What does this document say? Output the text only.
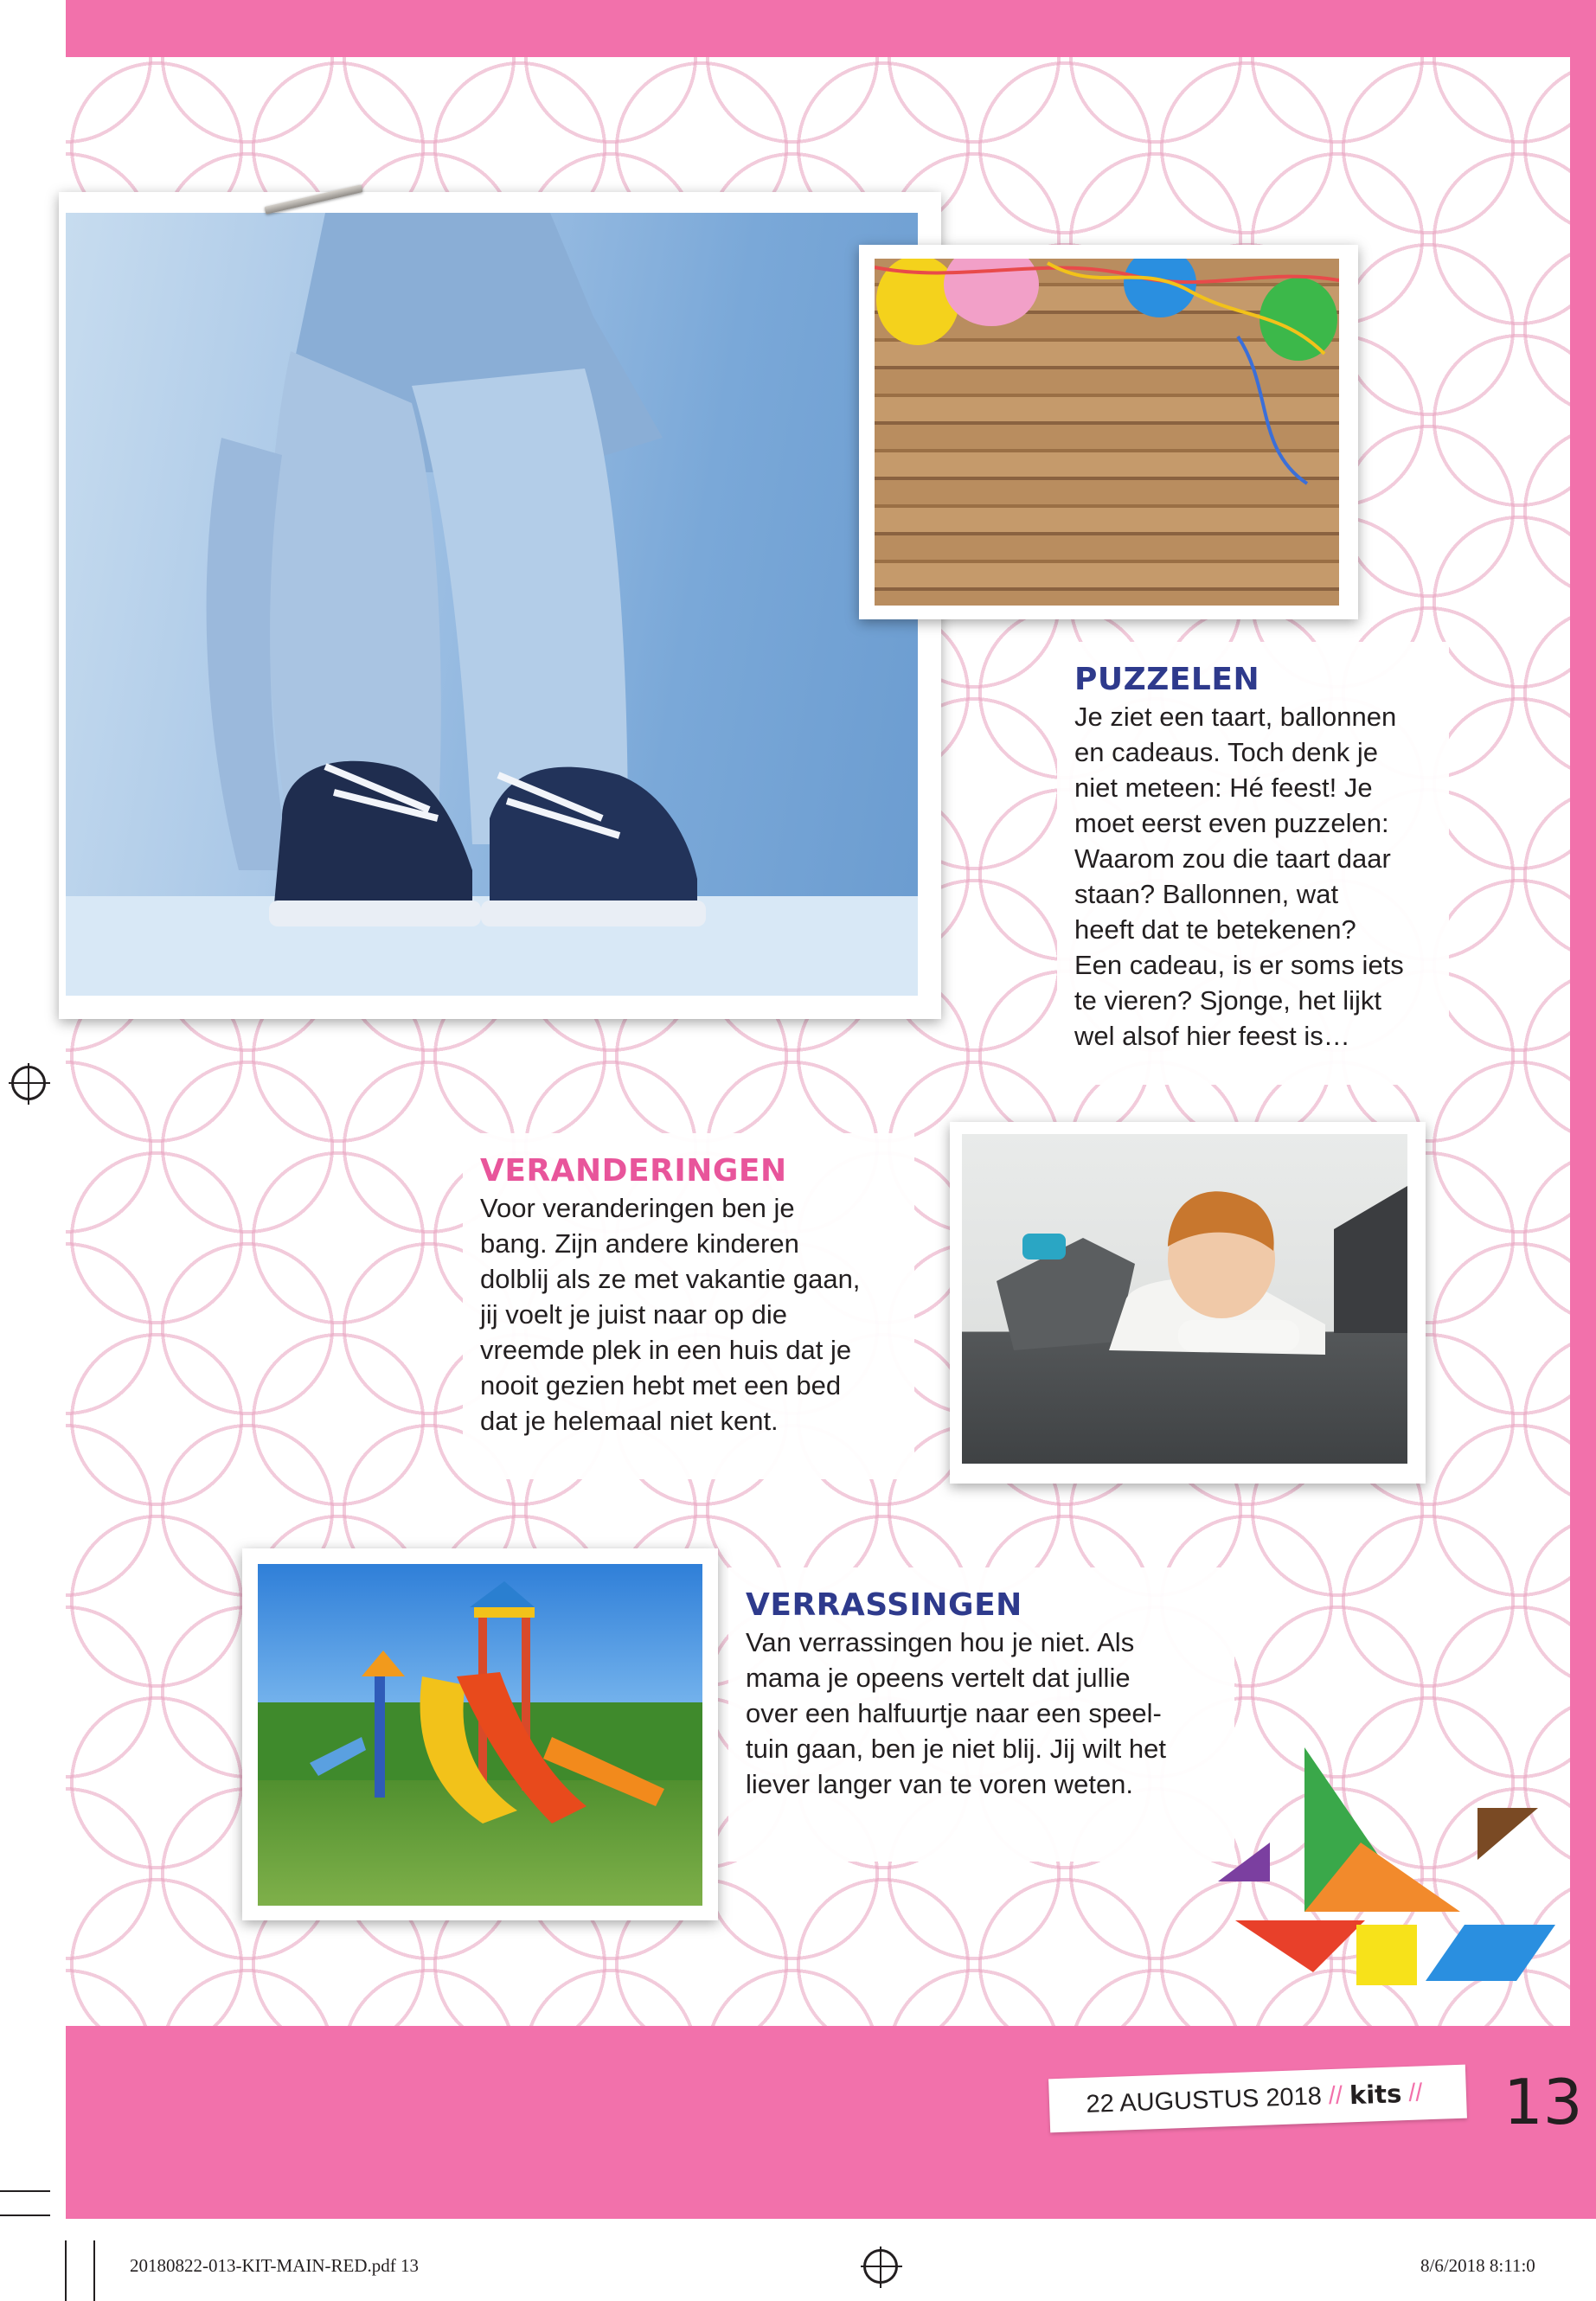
PUZZELEN

Je ziet een taart, ballonnen
en cadeaus. Toch denk je
niet meteen: Hé feest! Je
moet eerst even puzzelen:
Waarom zou die taart daar
staan? Ballonnen, wat
heeft dat te betekenen?
Een cadeau, is er soms iets
te vieren? Sjonge, het lijkt
wel alsof hier feest is…

VERANDERINGEN

Voor veranderingen ben je
bang. Zijn andere kinderen
dolblij als ze met vakantie gaan,
jij voelt je juist naar op die
vreemde plek in een huis dat je
nooit gezien hebt met een bed
dat je helemaal niet kent.

VERRASSINGEN

Van verrassingen hou je niet. Als
mama je opeens vertelt dat jullie
over een halfuurtje naar een speel-
tuin gaan, ben je niet blij. Jij wilt het
liever langer van te voren weten.

22 AUGUSTUS 2018 // kits // 13
20180822-013-KIT-MAIN-RED.pdf 13	8/6/2018 8:11:0
